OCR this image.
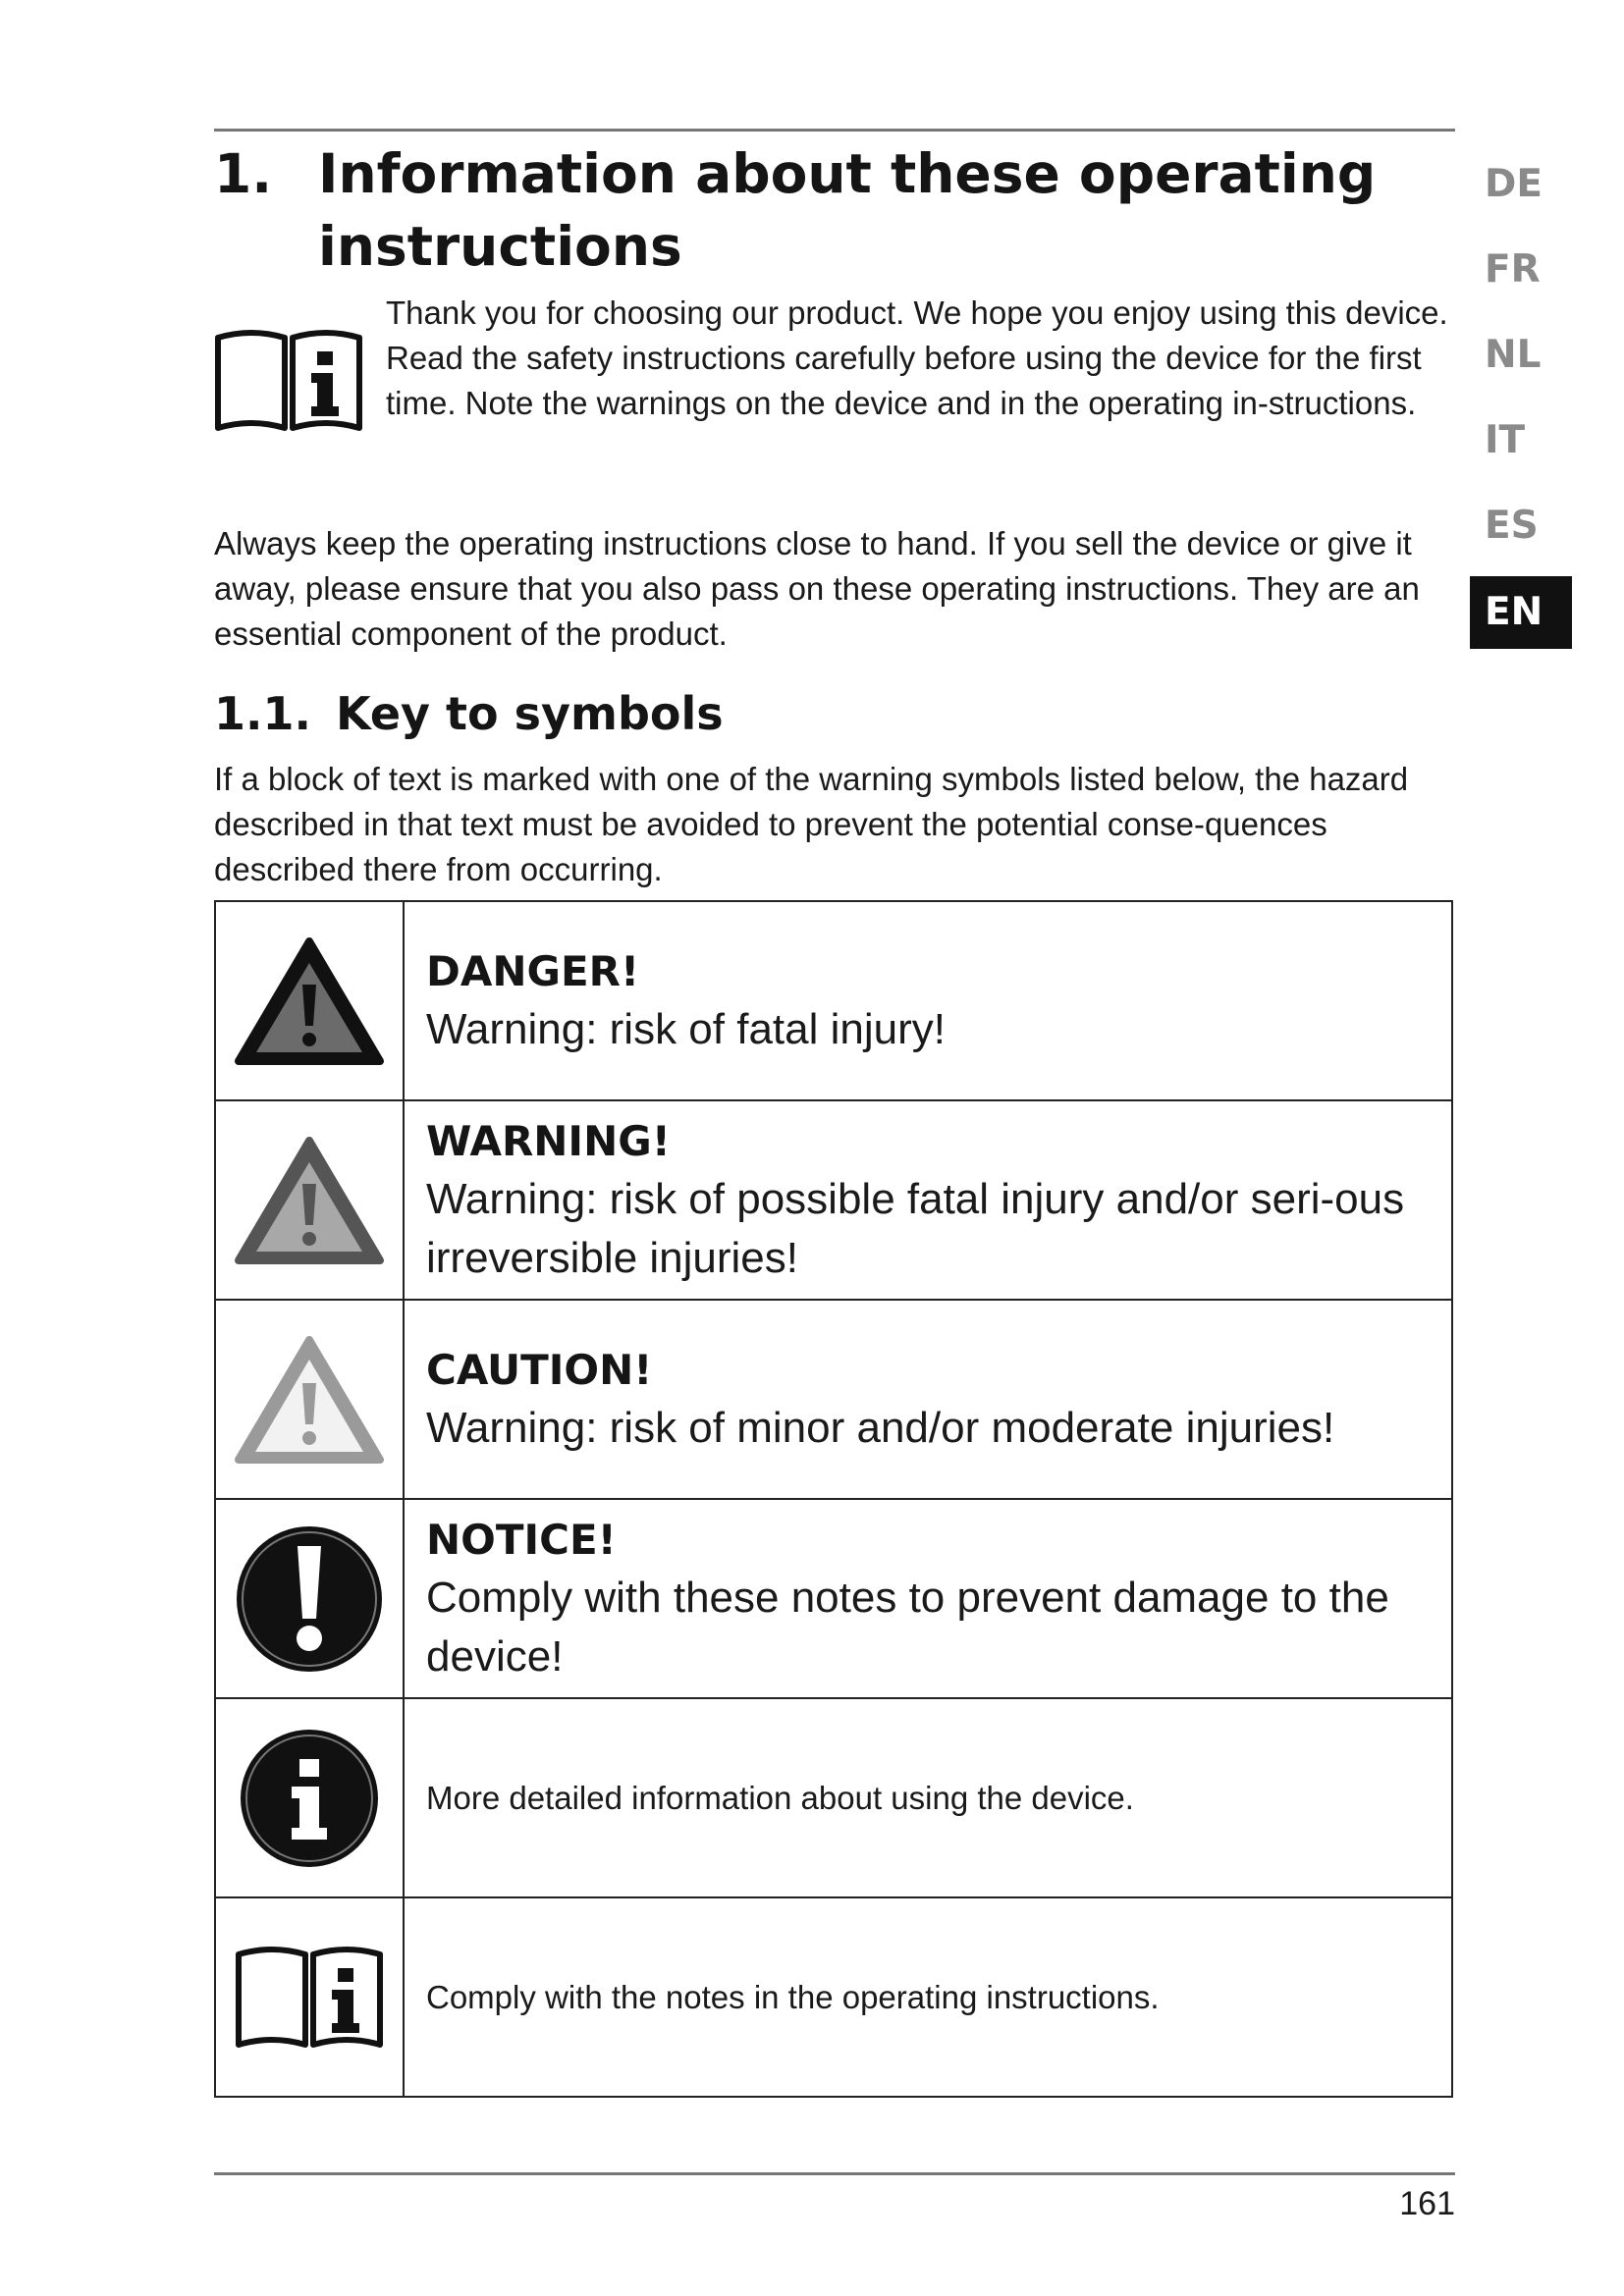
1. Information about these operating instructions

Thank you for choosing our product. We hope you enjoy using this device.

Read the safety instructions carefully before using the device for the first time. Note the warnings on the device and in the operating in-structions.

Always keep the operating instructions close to hand. If you sell the device or give it away, please ensure that you also pass on these operating instructions. They are an essential component of the product.

1.1. Key to symbols

If a block of text is marked with one of the warning symbols listed below, the hazard described in that text must be avoided to prevent the potential conse-quences described there from occurring.

DANGER!
Warning: risk of fatal injury!

WARNING!
Warning: risk of possible fatal injury and/or seri-ous irreversible injuries!

CAUTION!
Warning: risk of minor and/or moderate injuries!

NOTICE!
Comply with these notes to prevent damage to the device!

More detailed information about using the device.

Comply with the notes in the operating instructions.
DE
FR
NL
IT
ES
EN
161
